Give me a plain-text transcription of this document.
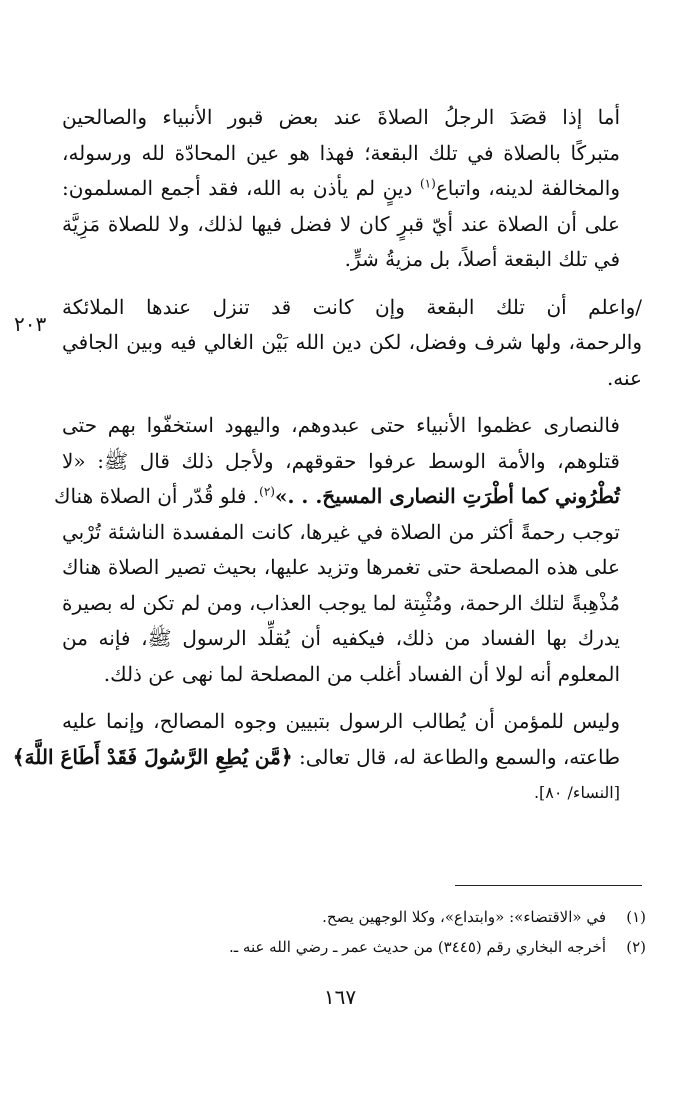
٢٠٣

أما إذا قصَدَ الرجلُ الصلاةَ عند بعض قبور الأنبياء والصالحين
متبركًا بالصلاة في تلك البقعة؛ فهذا هو عين المحادّة لله ورسوله،
والمخالفة لدينه، واتباع$^{(١)}$ دينٍ لم يأذن به الله، فقد أجمع المسلمون:
على أن الصلاة عند أيّ قبرٍ كان لا فضل فيها لذلك، ولا للصلاة مَزِيَّة
في تلك البقعة أصلاً، بل مزيةُ شرٍّ.

/واعلم أن تلك البقعة وإن كانت قد تنزل عندها الملائكة
والرحمة، ولها شرف وفضل، لكن دين الله بَيْن الغالي فيه وبين الجافي
عنه.

فالنصارى عظموا الأنبياء حتى عبدوهم، واليهود استخفّوا بهم حتى
قتلوهم، والأمة الوسط عرفوا حقوقهم، ولأجل ذلك قال ﷺ: «لا
تُطْرُوني كما أطْرَتِ النصارى المسيحَ. . .»$^{(٢)}$. فلو قُدّر أن الصلاة هناك
توجب رحمةً أكثر من الصلاة في غيرها، كانت المفسدة الناشئة تُرْبي
على هذه المصلحة حتى تغمرها وتزيد عليها، بحيث تصير الصلاة هناك
مُذْهِبةً لتلك الرحمة، ومُثْبِتة لما يوجب العذاب، ومن لم تكن له بصيرة
يدرك بها الفساد من ذلك، فيكفيه أن يُقلِّد الرسول ﷺ، فإنه من
المعلوم أنه لولا أن الفساد أغلب من المصلحة لما نهى عن ذلك.

وليس للمؤمن أن يُطالب الرسول بتبيين وجوه المصالح، وإنما عليه
طاعته، والسمع والطاعة له، قال تعالى: ﴿مَّن يُطِعِ الرَّسُولَ فَقَدْ أَطَاعَ اللَّهَ﴾
[النساء/ ٨٠].

(١)في «الاقتضاء»: «وابتداع»، وكلا الوجهين يصح.
(٢)أخرجه البخاري رقم (٣٤٤٥) من حديث عمر ـ رضي الله عنه ـ.
١٦٧
